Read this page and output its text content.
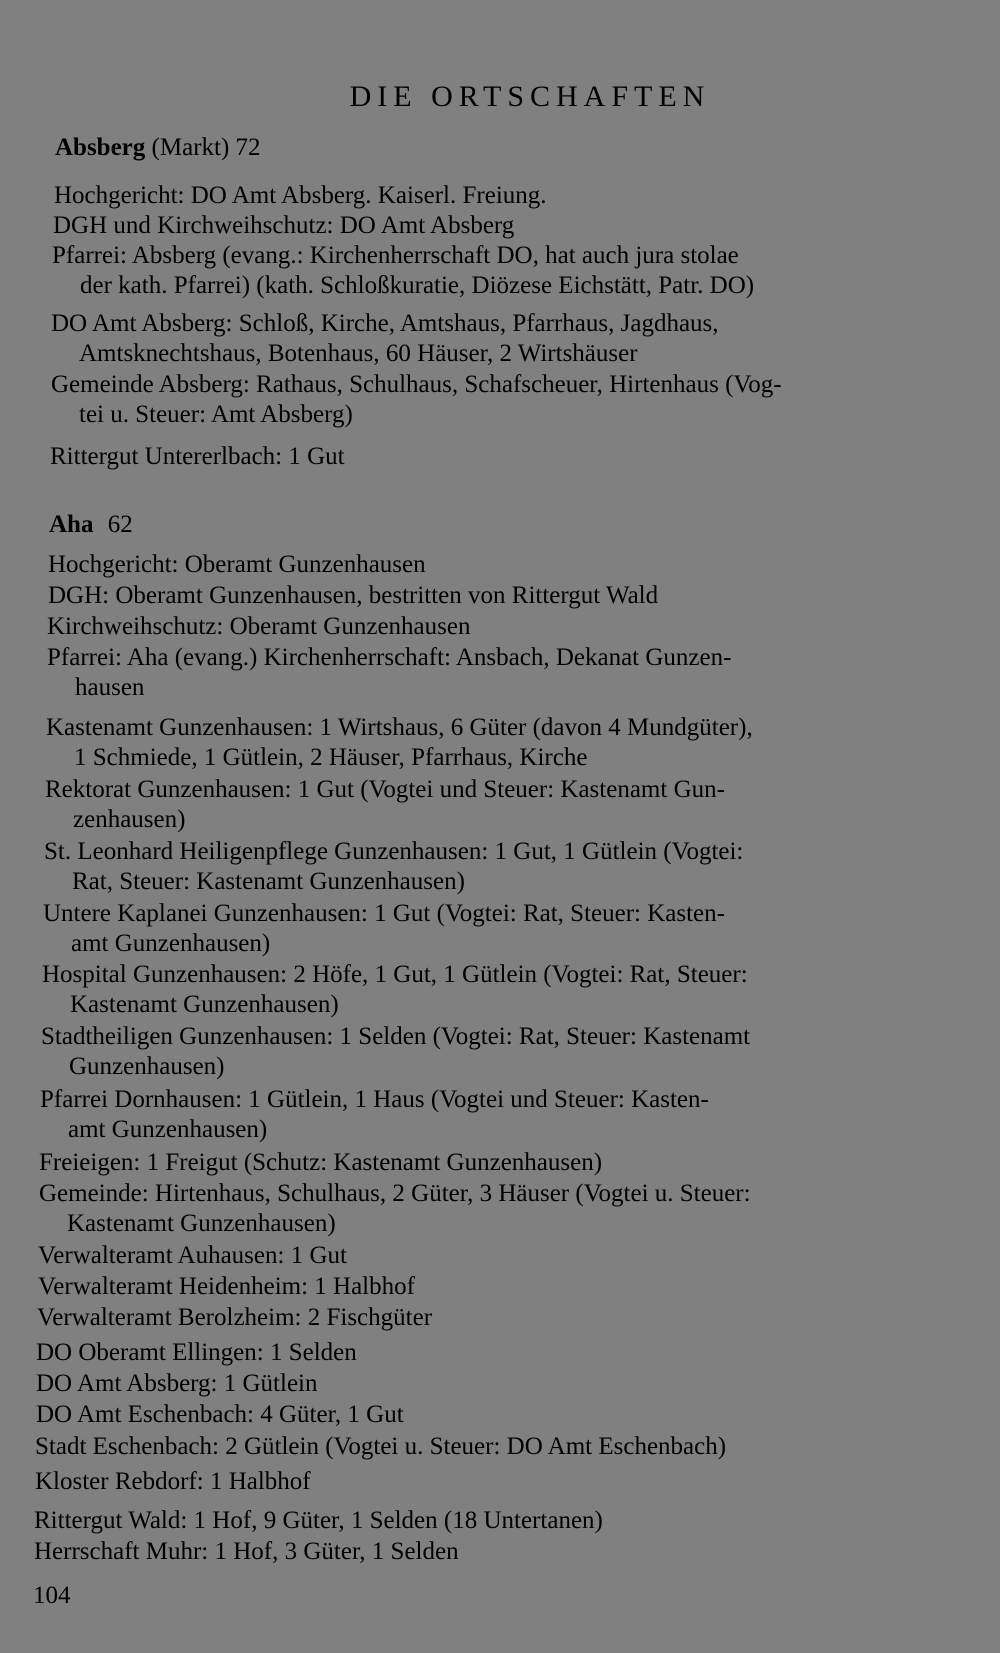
DIE ORTSCHAFTEN
Absberg (Markt) 72
Hochgericht: DO Amt Absberg. Kaiserl. Freiung.
DGH und Kirchweihschutz: DO Amt Absberg
Pfarrei: Absberg (evang.: Kirchenherrschaft DO, hat auch jura stolae
der kath. Pfarrei) (kath. Schloßkuratie, Diözese Eichstätt, Patr. DO)
DO Amt Absberg: Schloß, Kirche, Amtshaus, Pfarrhaus, Jagdhaus,
Amtsknechtshaus, Botenhaus, 60 Häuser, 2 Wirtshäuser
Gemeinde Absberg: Rathaus, Schulhaus, Schafscheuer, Hirtenhaus (Vog-
tei u. Steuer: Amt Absberg)
Rittergut Untererlbach: 1 Gut
Aha 62
Hochgericht: Oberamt Gunzenhausen
DGH: Oberamt Gunzenhausen, bestritten von Rittergut Wald
Kirchweihschutz: Oberamt Gunzenhausen
Pfarrei: Aha (evang.) Kirchenherrschaft: Ansbach, Dekanat Gunzen-
hausen
Kastenamt Gunzenhausen: 1 Wirtshaus, 6 Güter (davon 4 Mundgüter),
1 Schmiede, 1 Gütlein, 2 Häuser, Pfarrhaus, Kirche
Rektorat Gunzenhausen: 1 Gut (Vogtei und Steuer: Kastenamt Gun-
zenhausen)
St. Leonhard Heiligenpflege Gunzenhausen: 1 Gut, 1 Gütlein (Vogtei:
Rat, Steuer: Kastenamt Gunzenhausen)
Untere Kaplanei Gunzenhausen: 1 Gut (Vogtei: Rat, Steuer: Kasten-
amt Gunzenhausen)
Hospital Gunzenhausen: 2 Höfe, 1 Gut, 1 Gütlein (Vogtei: Rat, Steuer:
Kastenamt Gunzenhausen)
Stadtheiligen Gunzenhausen: 1 Selden (Vogtei: Rat, Steuer: Kastenamt
Gunzenhausen)
Pfarrei Dornhausen: 1 Gütlein, 1 Haus (Vogtei und Steuer: Kasten-
amt Gunzenhausen)
Freieigen: 1 Freigut (Schutz: Kastenamt Gunzenhausen)
Gemeinde: Hirtenhaus, Schulhaus, 2 Güter, 3 Häuser (Vogtei u. Steuer:
Kastenamt Gunzenhausen)
Verwalteramt Auhausen: 1 Gut
Verwalteramt Heidenheim: 1 Halbhof
Verwalteramt Berolzheim: 2 Fischgüter
DO Oberamt Ellingen: 1 Selden
DO Amt Absberg: 1 Gütlein
DO Amt Eschenbach: 4 Güter, 1 Gut
Stadt Eschenbach: 2 Gütlein (Vogtei u. Steuer: DO Amt Eschenbach)
Kloster Rebdorf: 1 Halbhof
Rittergut Wald: 1 Hof, 9 Güter, 1 Selden (18 Untertanen)
Herrschaft Muhr: 1 Hof, 3 Güter, 1 Selden
104
